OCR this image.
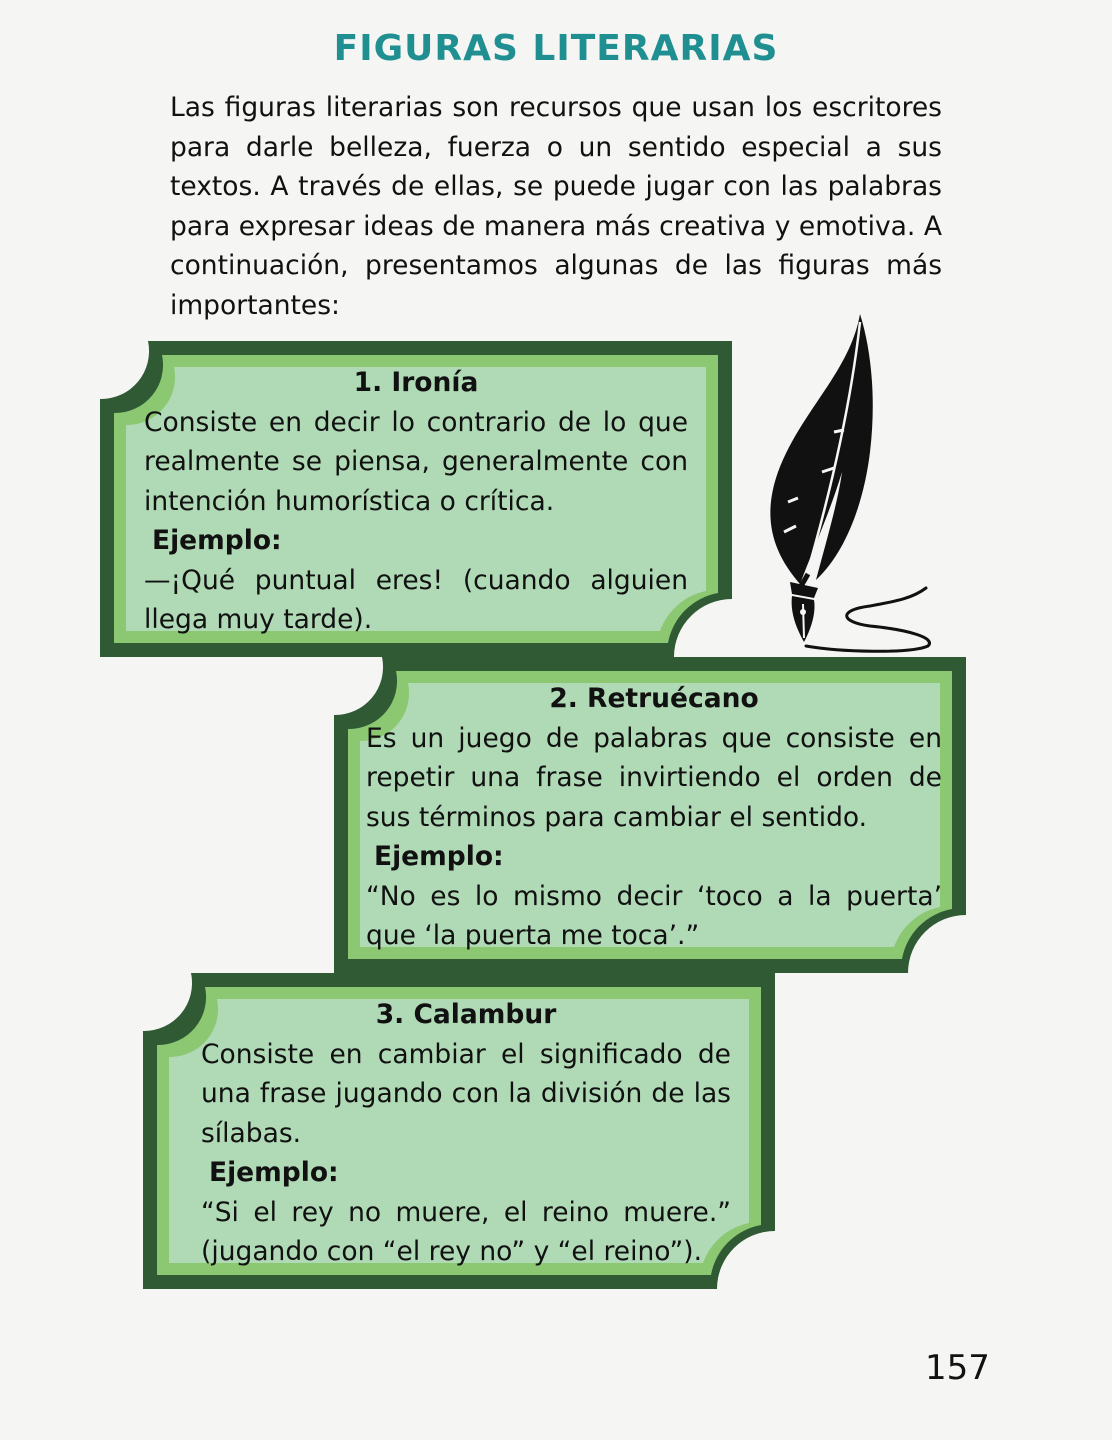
FIGURAS LITERARIAS

Las figuras literarias son recursos que usan los escritores para darle belleza, fuerza o un sentido especial a sus textos. A través de ellas, se puede jugar con las palabras para expresar ideas de manera más creativa y emotiva. A continuación, presentamos algunas de las figuras más importantes:

1. Ironía

Consiste en decir lo contrario de lo que realmente se piensa, generalmente con intención humorística o crítica.

Ejemplo:

—¡Qué puntual eres! (cuando alguien llega muy tarde).

2. Retruécano

Es un juego de palabras que consiste en repetir una frase invirtiendo el orden de sus términos para cambiar el sentido.

Ejemplo:

“No es lo mismo decir ‘toco a la puerta’ que ‘la puerta me toca’.”

3. Calambur

Consiste en cambiar el significado de una frase jugando con la división de las sílabas.

Ejemplo:

“Si el rey no muere, el reino muere.” (jugando con “el rey no” y “el reino”).

157
